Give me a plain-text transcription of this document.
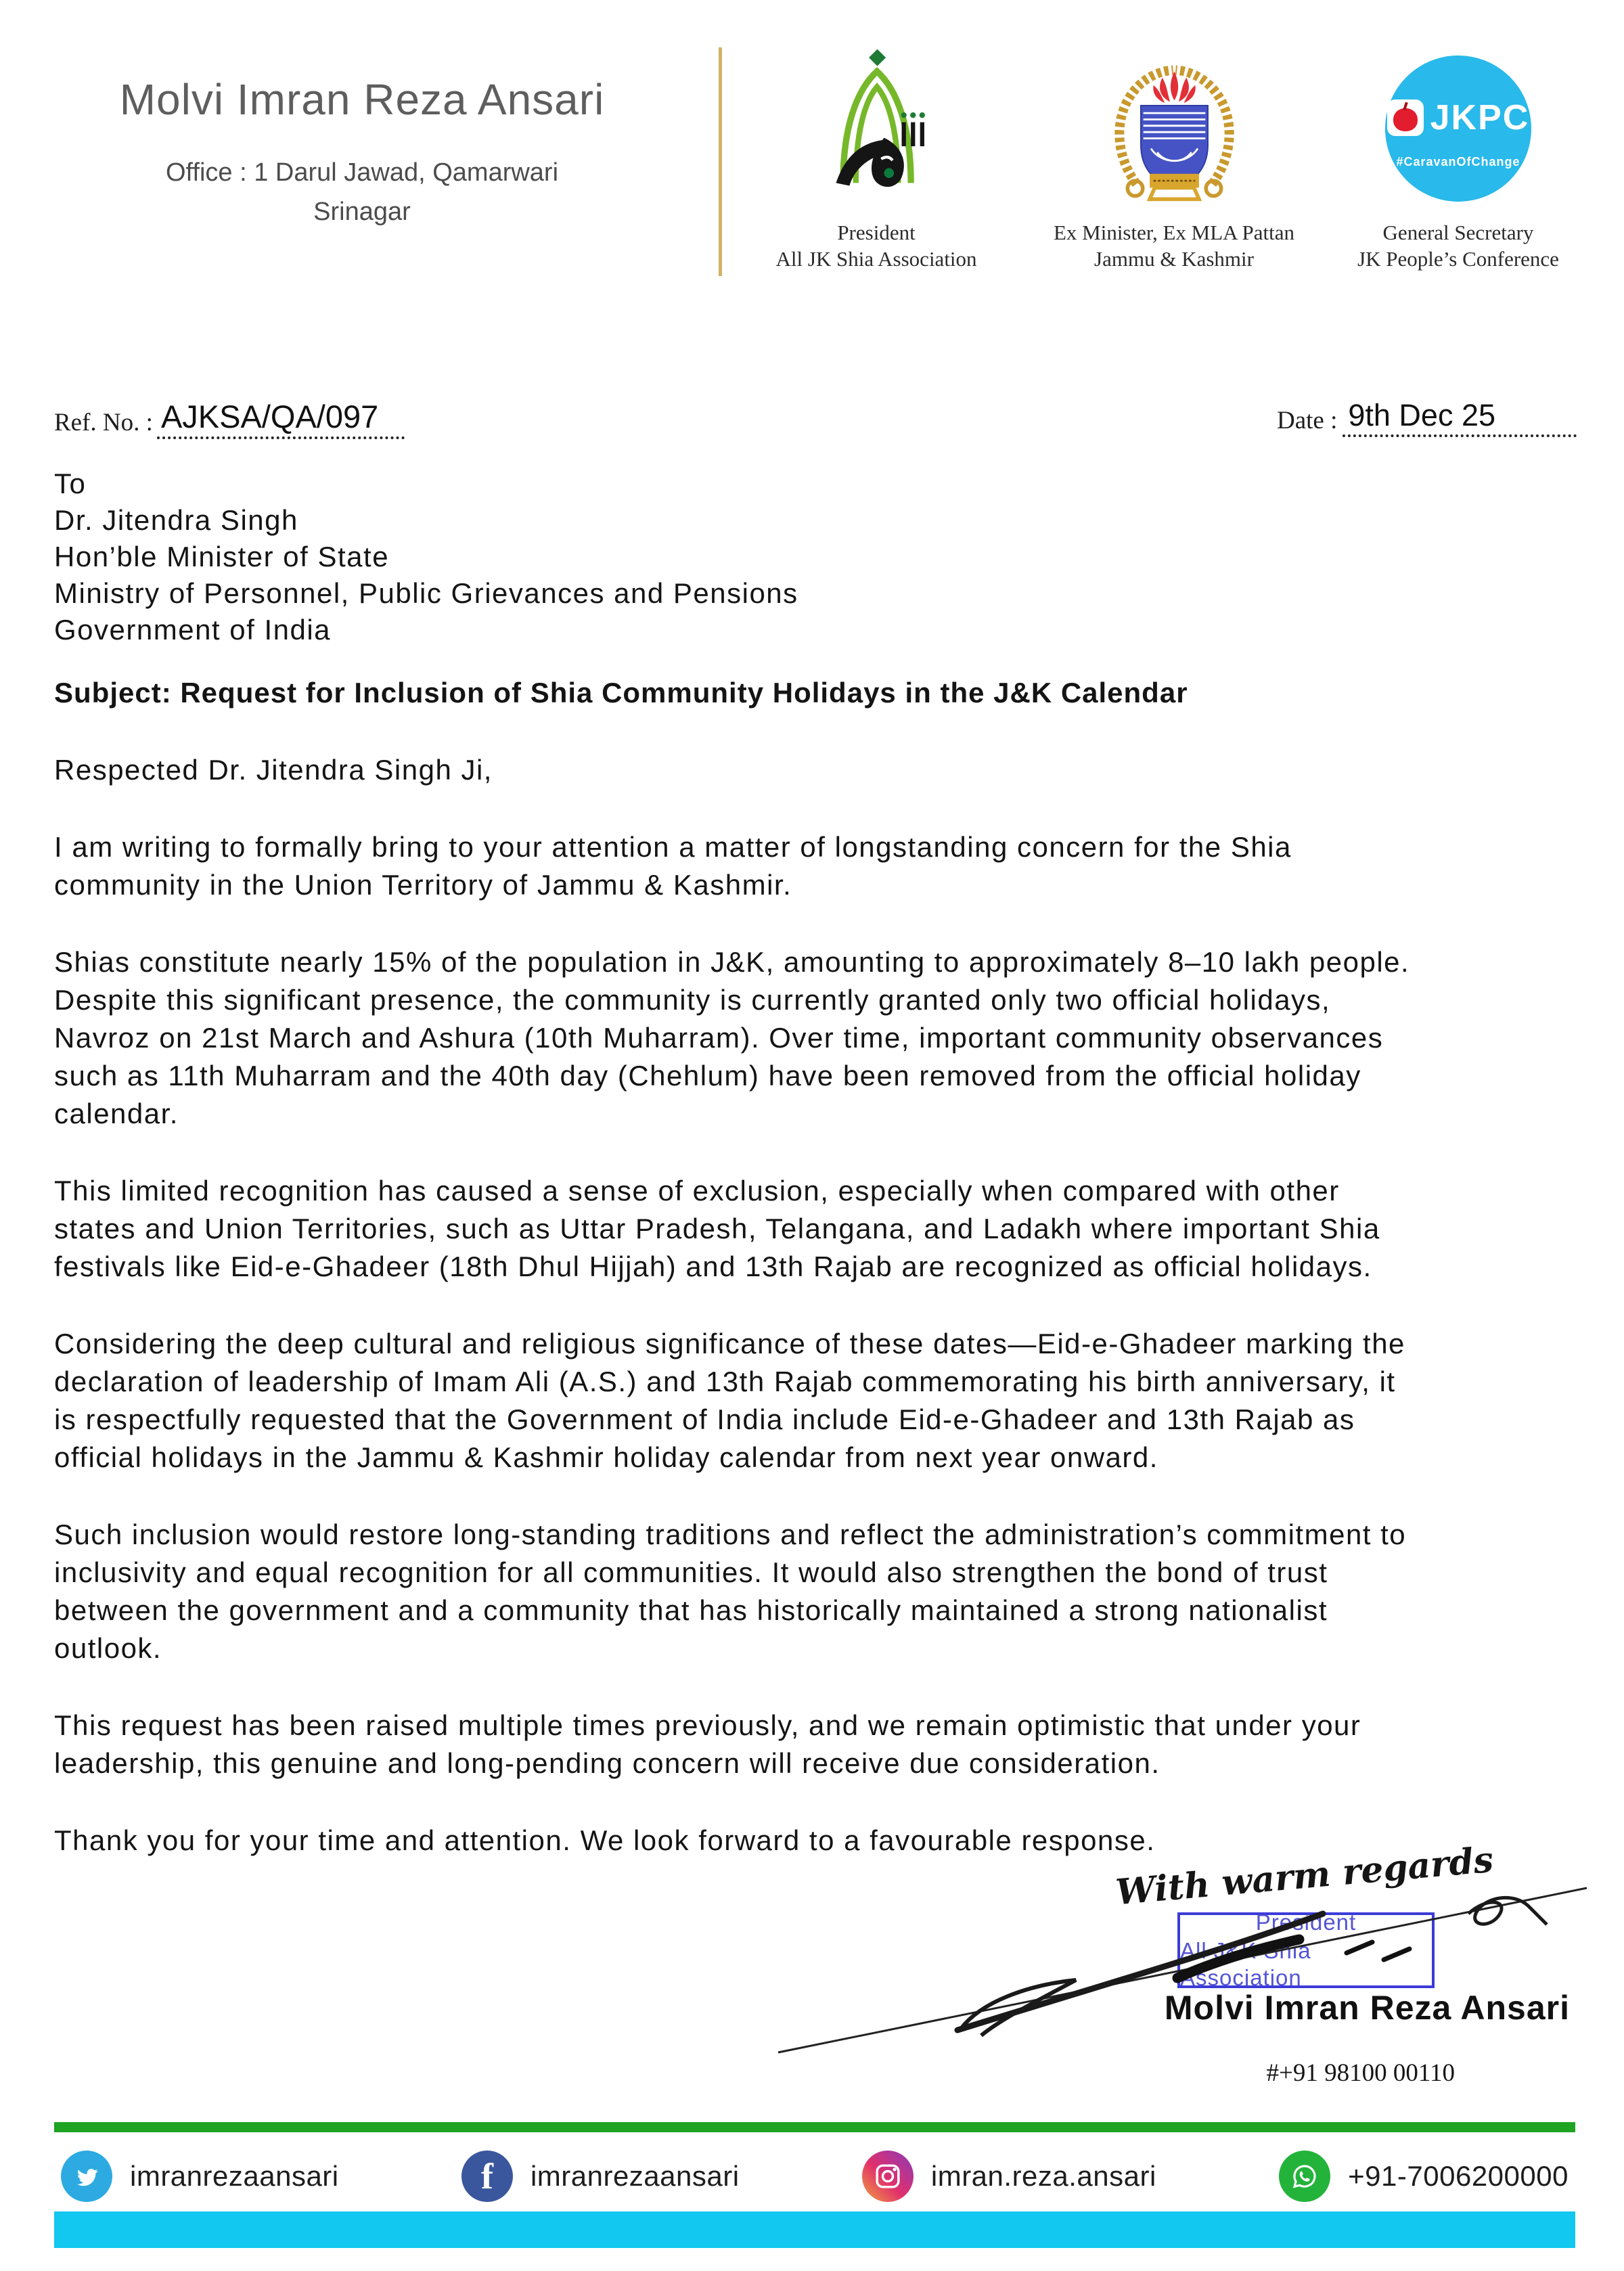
Molvi Imran Reza Ansari
Office : 1 Darul Jawad, Qamarwari
Srinagar
President
All JK Shia Association
Ex Minister, Ex MLA Pattan
Jammu & Kashmir
JKPC
#CaravanOfChange
General Secretary
JK People’s Conference
Ref. No. : AJKSA/QA/097	Date : 9th Dec 25
To
Dr. Jitendra Singh
Hon’ble Minister of State
Ministry of Personnel, Public Grievances and Pensions
Government of India
Subject: Request for Inclusion of Shia Community Holidays in the J&K Calendar
Respected Dr. Jitendra Singh Ji,

I am writing to formally bring to your attention a matter of longstanding concern for the Shia community in the Union Territory of Jammu & Kashmir.

Shias constitute nearly 15% of the population in J&K, amounting to approximately 8–10 lakh people. Despite this significant presence, the community is currently granted only two official holidays, Navroz on 21st March and Ashura (10th Muharram). Over time, important community observances such as 11th Muharram and the 40th day (Chehlum) have been removed from the official holiday calendar.

This limited recognition has caused a sense of exclusion, especially when compared with other states and Union Territories, such as Uttar Pradesh, Telangana, and Ladakh where important Shia festivals like Eid-e-Ghadeer (18th Dhul Hijjah) and 13th Rajab are recognized as official holidays.

Considering the deep cultural and religious significance of these dates—Eid-e-Ghadeer marking the declaration of leadership of Imam Ali (A.S.) and 13th Rajab commemorating his birth anniversary, it is respectfully requested that the Government of India include Eid-e-Ghadeer and 13th Rajab as official holidays in the Jammu & Kashmir holiday calendar from next year onward.

Such inclusion would restore long-standing traditions and reflect the administration’s commitment to inclusivity and equal recognition for all communities. It would also strengthen the bond of trust between the government and a community that has historically maintained a strong nationalist outlook.

This request has been raised multiple times previously, and we remain optimistic that under your leadership, this genuine and long-pending concern will receive due consideration.

Thank you for your time and attention. We look forward to a favourable response.

With warm regards
President
All J&K Shia Association
Molvi Imran Reza Ansari
#+91 98100 00110
imranrezaansari	f imranrezaansari	imran.reza.ansari	+91-7006200000
